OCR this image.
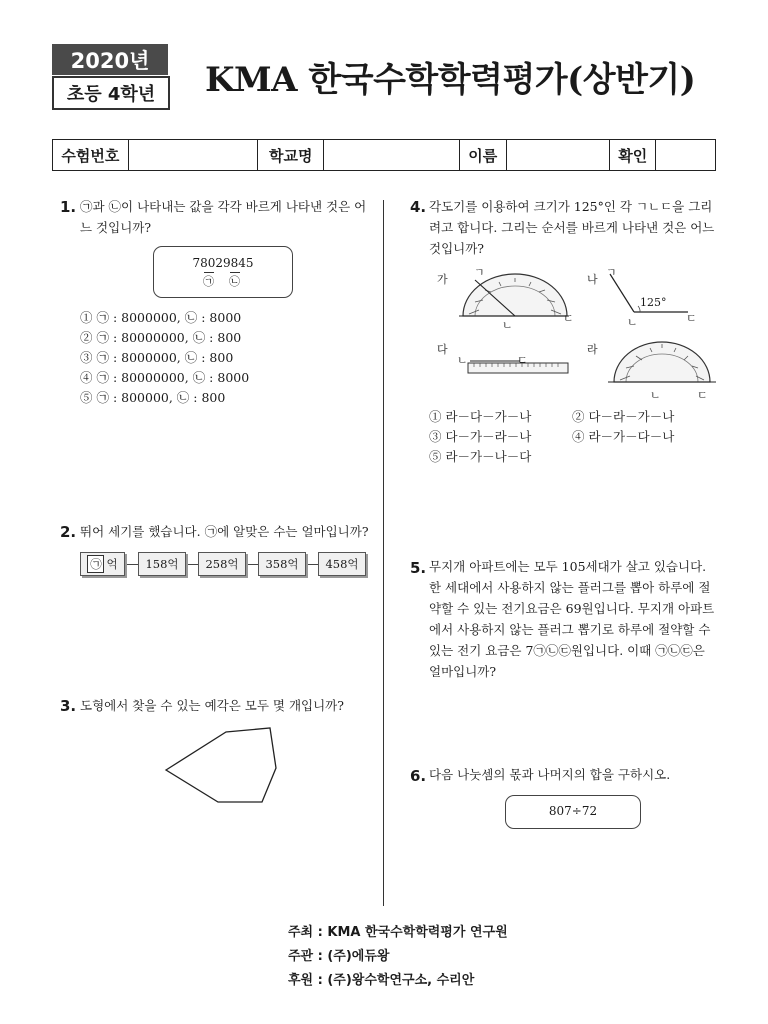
2020년
초등 4학년	KMA 한국수학학력평가(상반기)
수험번호	학교명	이름	확인
1. ㉠과 ㉡이 나타내는 값을 각각 바르게 나타낸 것은 어느 것입니까?
78029845
㉠ ㉡
① ㉠ : 8000000, ㉡ : 8000
② ㉠ : 80000000, ㉡ : 800
③ ㉠ : 8000000, ㉡ : 800
④ ㉠ : 80000000, ㉡ : 8000
⑤ ㉠ : 800000, ㉡ : 800
2. 뛰어 세기를 했습니다. ㉠에 알맞은 수는 얼마입니까?
㉠ 억	158억	258억	358억	458억
3. 도형에서 찾을 수 있는 예각은 모두 몇 개입니까?
4. 각도기를 이용하여 크기가 125°인 각 ㄱㄴㄷ을 그리려고 합니다. 그리는 순서를 바르게 나타낸 것은 어느 것입니까?
가
ㄱ
ㄴ
ㄷ
나
ㄱ
125°
ㄴ	ㄷ
다
ㄴ	ㄷ
라
ㄴ	ㄷ
① 라－다－가－나	② 다－라－가－나
③ 다－가－라－나	④ 라－가－다－나
⑤ 라－가－나－다
5. 무지개 아파트에는 모두 105세대가 살고 있습니다. 한 세대에서 사용하지 않는 플러그를 뽑아 하루에 절약할 수 있는 전기요금은 69원입니다. 무지개 아파트에서 사용하지 않는 플러그 뽑기로 하루에 절약할 수 있는 전기 요금은 7㉠㉡㉢원입니다. 이때 ㉠㉡㉢은 얼마입니까?
6. 다음 나눗셈의 몫과 나머지의 합을 구하시오.
807÷72
주최 : KMA 한국수학학력평가 연구원
주관 : (주)에듀왕
후원 : (주)왕수학연구소, 수리안
